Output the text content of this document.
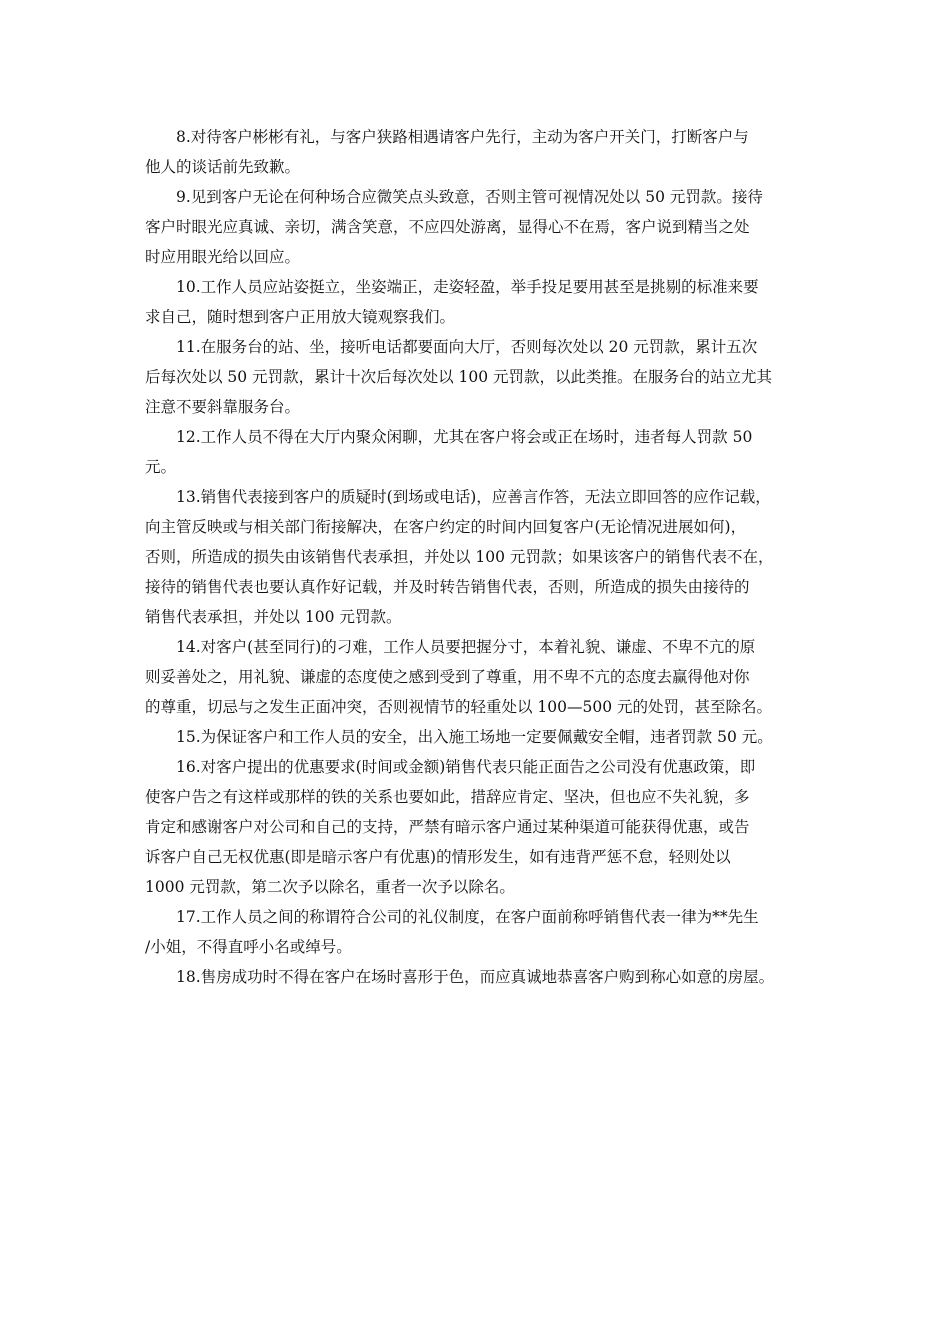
8.对待客户彬彬有礼，与客户狭路相遇请客户先行，主动为客户开关门，打断客户与
他人的谈话前先致歉。
9.见到客户无论在何种场合应微笑点头致意，否则主管可视情况处以 50 元罚款。接待
客户时眼光应真诚、亲切，满含笑意，不应四处游离，显得心不在焉，客户说到精当之处
时应用眼光给以回应。
10.工作人员应站姿挺立，坐姿端正，走姿轻盈，举手投足要用甚至是挑剔的标准来要
求自己，随时想到客户正用放大镜观察我们。
11.在服务台的站、坐，接听电话都要面向大厅，否则每次处以 20 元罚款，累计五次
后每次处以 50 元罚款，累计十次后每次处以 100 元罚款，以此类推。在服务台的站立尤其
注意不要斜靠服务台。
12.工作人员不得在大厅内聚众闲聊，尤其在客户将会或正在场时，违者每人罚款 50
元。
13.销售代表接到客户的质疑时(到场或电话)，应善言作答，无法立即回答的应作记载，
向主管反映或与相关部门衔接解决，在客户约定的时间内回复客户(无论情况进展如何)，
否则，所造成的损失由该销售代表承担，并处以 100 元罚款；如果该客户的销售代表不在，
接待的销售代表也要认真作好记载，并及时转告销售代表，否则，所造成的损失由接待的
销售代表承担，并处以 100 元罚款。
14.对客户(甚至同行)的刁难，工作人员要把握分寸，本着礼貌、谦虚、不卑不亢的原
则妥善处之，用礼貌、谦虚的态度使之感到受到了尊重，用不卑不亢的态度去赢得他对你
的尊重，切忌与之发生正面冲突，否则视情节的轻重处以 100—500 元的处罚，甚至除名。
15.为保证客户和工作人员的安全，出入施工场地一定要佩戴安全帽，违者罚款 50 元。
16.对客户提出的优惠要求(时间或金额)销售代表只能正面告之公司没有优惠政策，即
使客户告之有这样或那样的铁的关系也要如此，措辞应肯定、坚决，但也应不失礼貌，多
肯定和感谢客户对公司和自己的支持，严禁有暗示客户通过某种渠道可能获得优惠，或告
诉客户自己无权优惠(即是暗示客户有优惠)的情形发生，如有违背严惩不怠，轻则处以
1000 元罚款，第二次予以除名，重者一次予以除名。
17.工作人员之间的称谓符合公司的礼仪制度，在客户面前称呼销售代表一律为**先生
/小姐，不得直呼小名或绰号。
18.售房成功时不得在客户在场时喜形于色，而应真诚地恭喜客户购到称心如意的房屋。
